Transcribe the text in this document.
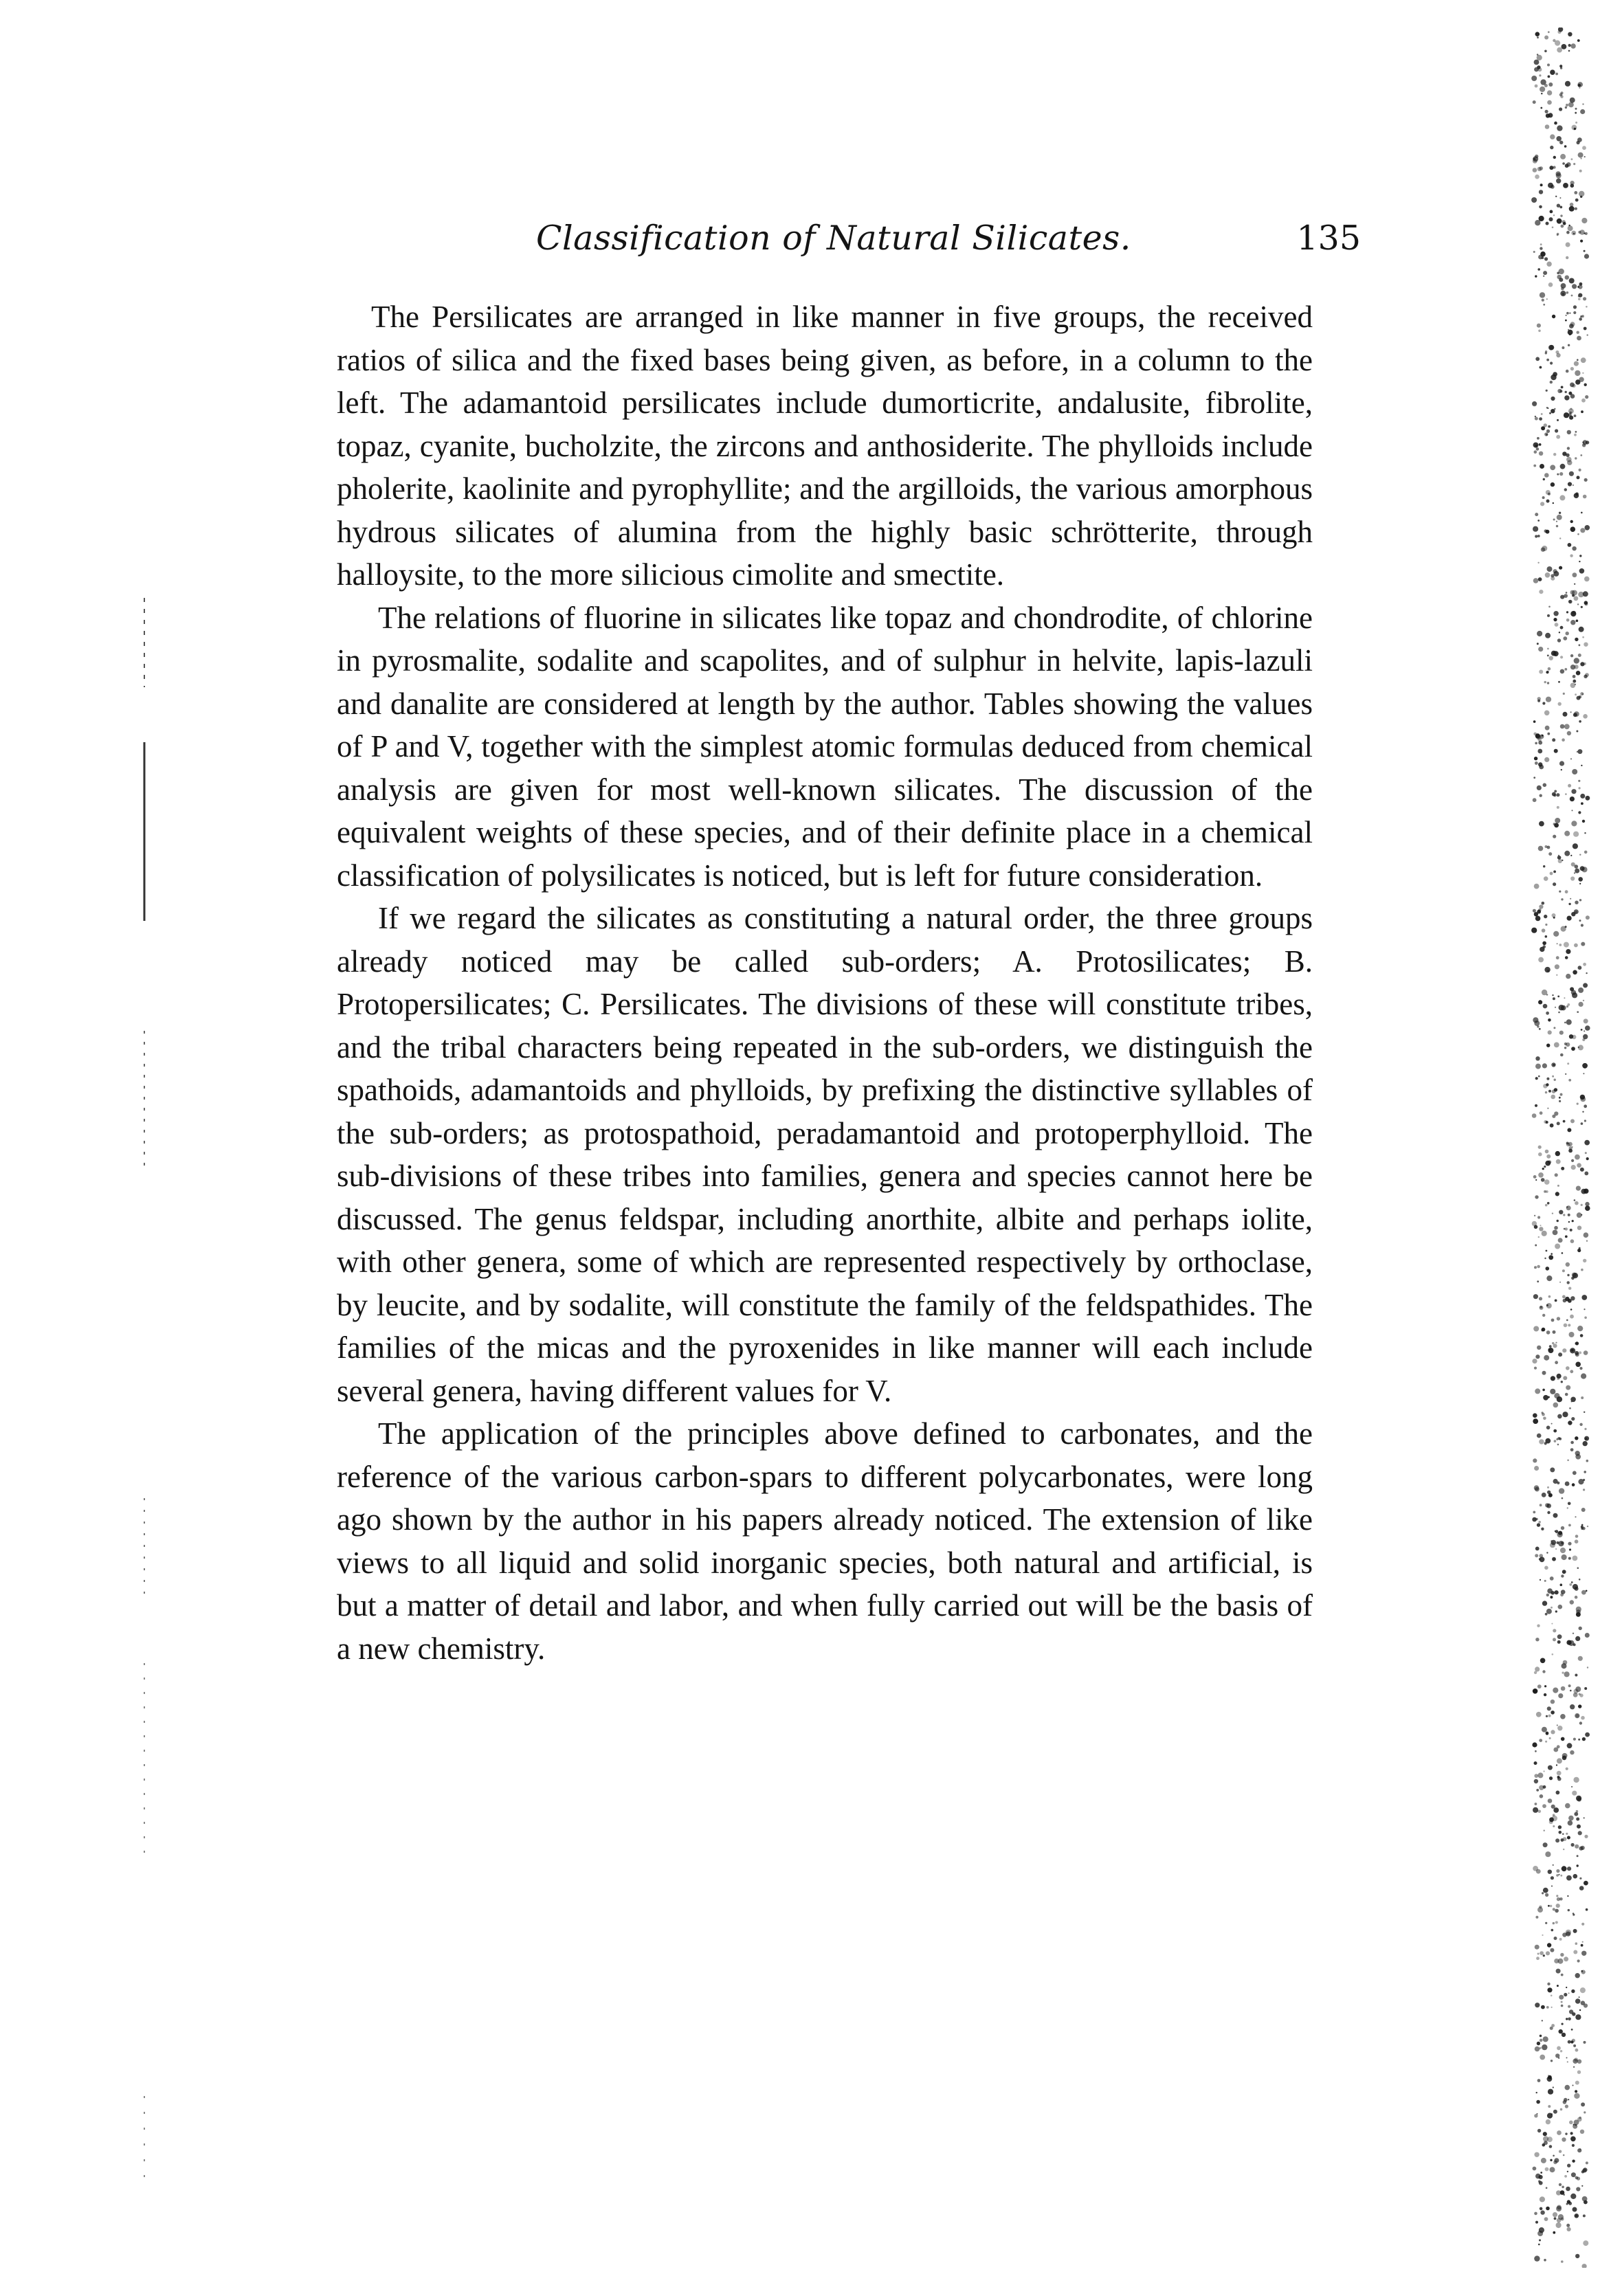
Classification of Natural Silicates.	135

The Persilicates are arranged in like manner in five groups, the received ratios of silica and the fixed bases being given, as before, in a column to the left. The adamantoid persilicates include dumorticrite, andalusite, fibrolite, topaz, cyanite, bucholzite, the zircons and anthosiderite. The phylloids include pholerite, kaolinite and pyrophyllite; and the argilloids, the various amorphous hydrous silicates of alumina from the highly basic schrötterite, through halloysite, to the more silicious cimolite and smectite.

The relations of fluorine in silicates like topaz and chondrodite, of chlorine in pyrosmalite, sodalite and scapolites, and of sulphur in helvite, lapis-lazuli and danalite are considered at length by the author. Tables showing the values of P and V, together with the simplest atomic formulas deduced from chemical analysis are given for most well-known silicates. The discussion of the equivalent weights of these species, and of their definite place in a chemical classification of polysilicates is noticed, but is left for future consideration.

If we regard the silicates as constituting a natural order, the three groups already noticed may be called sub-orders; A. Protosilicates; B. Protopersilicates; C. Persilicates. The divisions of these will constitute tribes, and the tribal characters being repeated in the sub-orders, we distinguish the spathoids, adamantoids and phylloids, by prefixing the distinctive syllables of the sub-orders; as protospathoid, peradamantoid and protoperphylloid. The sub-divisions of these tribes into families, genera and species cannot here be discussed. The genus feldspar, including anorthite, albite and perhaps iolite, with other genera, some of which are represented respectively by orthoclase, by leucite, and by sodalite, will constitute the family of the feldspathides. The families of the micas and the pyroxenides in like manner will each include several genera, having different values for V.

The application of the principles above defined to carbonates, and the reference of the various carbon-spars to different polycarbonates, were long ago shown by the author in his papers already noticed. The extension of like views to all liquid and solid inorganic species, both natural and artificial, is but a matter of detail and labor, and when fully carried out will be the basis of a new chemistry.
